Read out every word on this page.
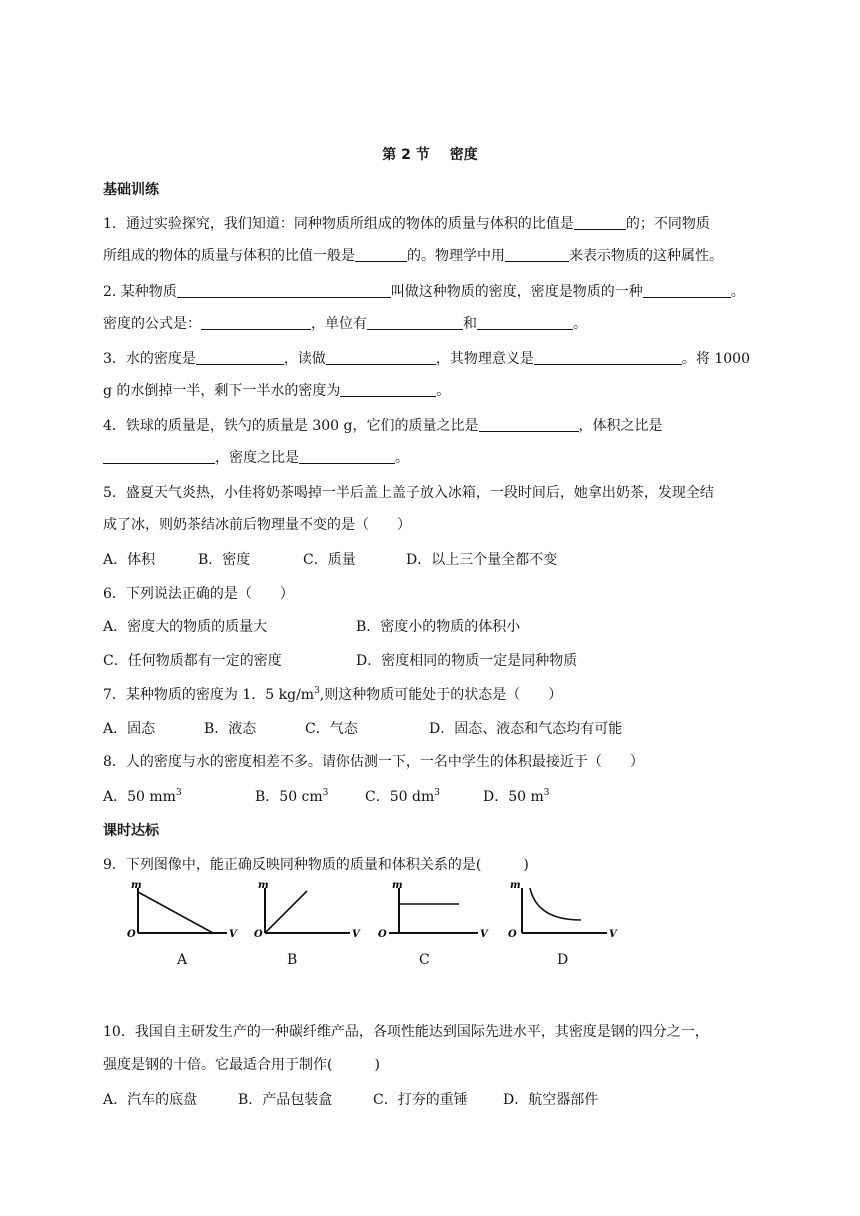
第 2 节 密度
基础训练
1．通过实验探究，我们知道：同种物质所组成的物体的质量与体积的比值是	的；不同物质
所组成的物体的质量与体积的比值一般是	的。物理学中用	来表示物质的这种属性。
2. 某种物质	叫做这种物质的密度，密度是物质的一种	。
密度的公式是：	，单位有	和	。
3．水的密度是	，读做	，其物理意义是	。将 1000
g 的水倒掉一半，剩下一半水的密度为	。
4．铁球的质量是，铁勺的质量是 300 g，它们的质量之比是	，体积之比是
，密度之比是	。
5．盛夏天气炎热，小佳将奶茶喝掉一半后盖上盖子放入冰箱，一段时间后，她拿出奶茶，发现全结
成了冰，则奶茶结冰前后物理量不变的是（　　）
A．体积	B．密度	C．质量	D．以上三个量全都不变
6．下列说法正确的是（　　）
A．密度大的物质的质量大	B．密度小的物质的体积小
C．任何物质都有一定的密度	D．密度相同的物质一定是同种物质
7．某种物质的密度为 1．5 $kg/m^3$,则这种物质可能处于的状态是（　　）
A．固态	B．液态	C．气态	D．固态、液态和气态均有可能
8．人的密度与水的密度相差不多。请你估测一下，一名中学生的体积最接近于（　　）
A．50 $mm^3$	B．50 $cm^3$	C．50 $dm^3$	D．50 $m^3$
课时达标
9．下列图像中，能正确反映同种物质的质量和体积关系的是(　　　)
m
O	V
m
O	V
m
O	V
m
O	V
A	B	C	D
10．我国自主研发生产的一种碳纤维产品，各项性能达到国际先进水平，其密度是钢的四分之一，
强度是钢的十倍。它最适合用于制作(　　　)
A．汽车的底盘	B．产品包装盒	C．打夯的重锤	D．航空器部件
